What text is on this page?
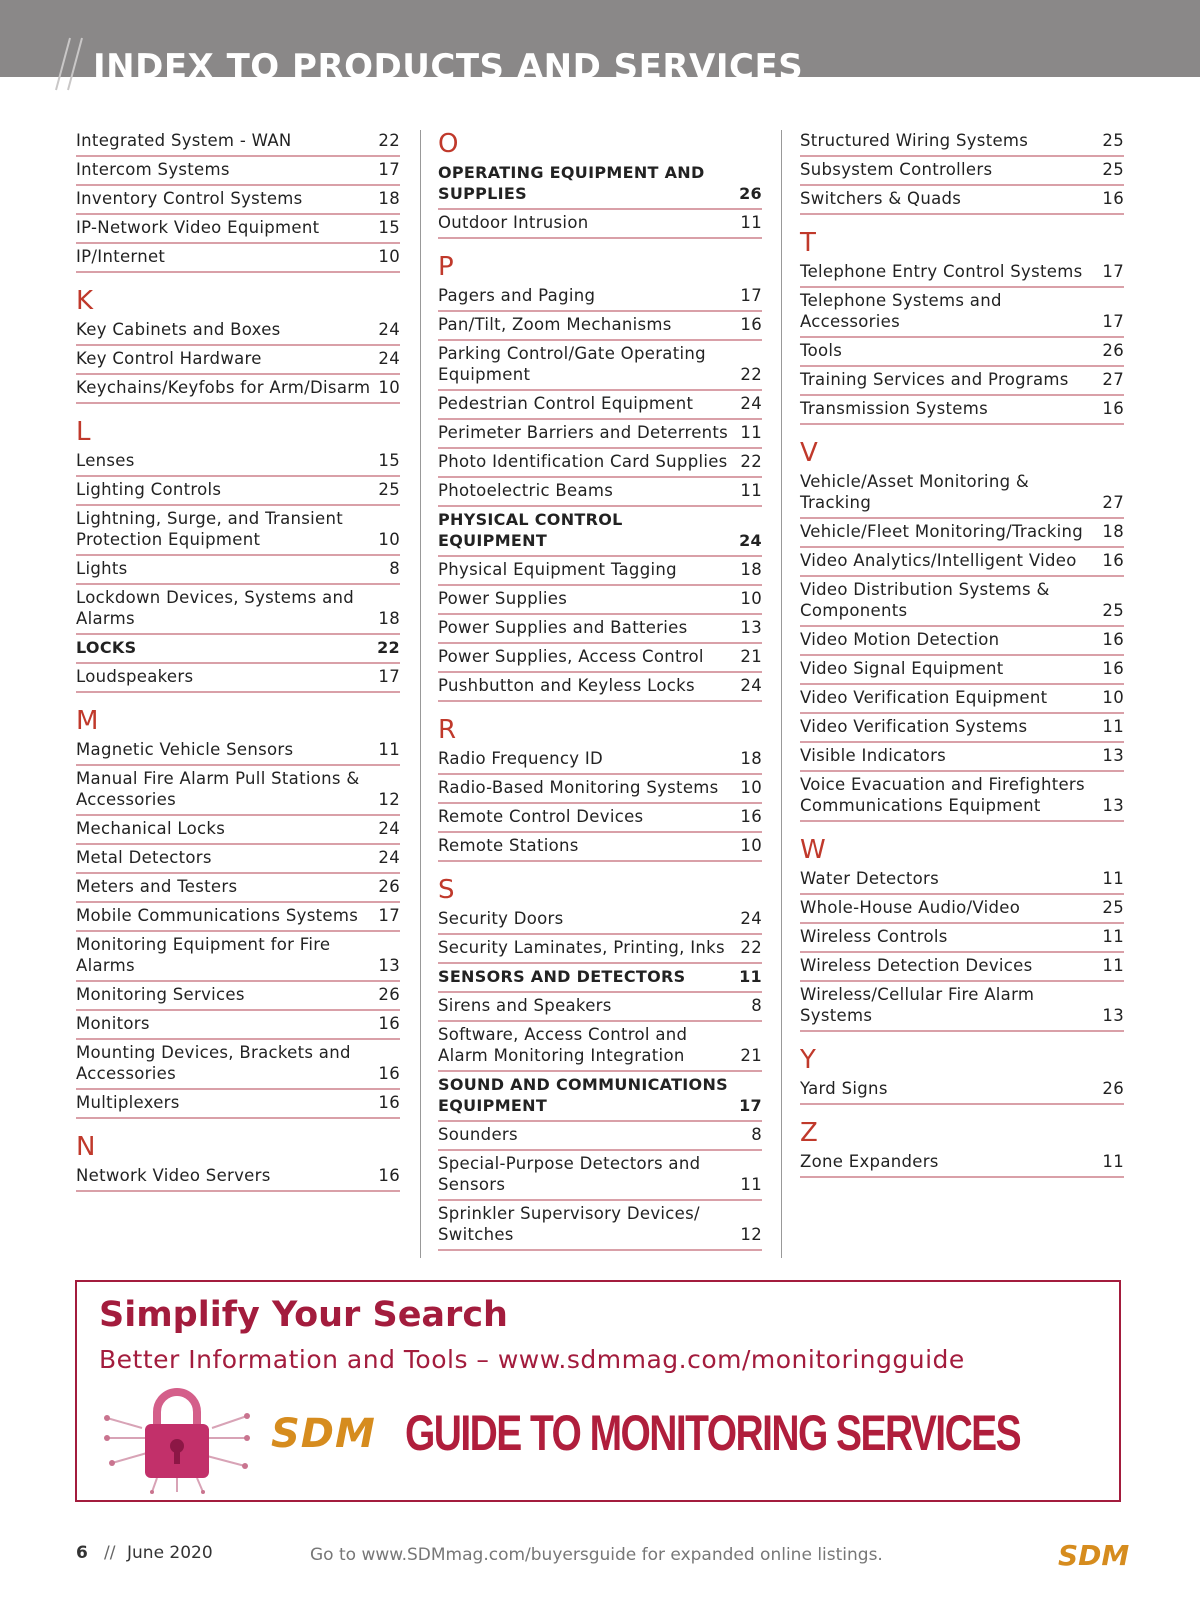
INDEX TO PRODUCTS AND SERVICES
Integrated System - WAN	22
Intercom Systems	17
Inventory Control Systems	18
IP-Network Video Equipment	15
IP/Internet	10
K
Key Cabinets and Boxes	24
Key Control Hardware	24
Keychains/Keyfobs for Arm/Disarm 10
L
Lenses	15
Lighting Controls	25
Lightning, Surge, and Transient Protection Equipment	10
Lights	8
Lockdown Devices, Systems and Alarms	18
LOCKS	22
Loudspeakers	17
M
Magnetic Vehicle Sensors	11
Manual Fire Alarm Pull Stations & Accessories	12
Mechanical Locks	24
Metal Detectors	24
Meters and Testers	26
Mobile Communications Systems	17
Monitoring Equipment for Fire Alarms	13
Monitoring Services	26
Monitors	16
Mounting Devices, Brackets and Accessories	16
Multiplexers	16
N
Network Video Servers	16
O
OPERATING EQUIPMENT AND SUPPLIES	26
Outdoor Intrusion	11
P
Pagers and Paging	17
Pan/Tilt, Zoom Mechanisms	16
Parking Control/Gate Operating Equipment	22
Pedestrian Control Equipment	24
Perimeter Barriers and Deterrents 11
Photo Identification Card Supplies 22
Photoelectric Beams	11
PHYSICAL CONTROL EQUIPMENT	24
Physical Equipment Tagging	18
Power Supplies	10
Power Supplies and Batteries	13
Power Supplies, Access Control	21
Pushbutton and Keyless Locks	24
R
Radio Frequency ID	18
Radio-Based Monitoring Systems	10
Remote Control Devices	16
Remote Stations	10
S
Security Doors	24
Security Laminates, Printing, Inks 22
SENSORS AND DETECTORS	11
Sirens and Speakers	8
Software, Access Control and Alarm Monitoring Integration	21
SOUND AND COMMUNICATIONS EQUIPMENT	17
Sounders	8
Special-Purpose Detectors and Sensors	11
Sprinkler Supervisory Devices/ Switches	12
Structured Wiring Systems	25
Subsystem Controllers	25
Switchers & Quads	16
T
Telephone Entry Control Systems	17
Telephone Systems and Accessories	17
Tools	26
Training Services and Programs	27
Transmission Systems	16
V
Vehicle/Asset Monitoring & Tracking	27
Vehicle/Fleet Monitoring/Tracking	18
Video Analytics/Intelligent Video	16
Video Distribution Systems & Components	25
Video Motion Detection	16
Video Signal Equipment	16
Video Verification Equipment	10
Video Verification Systems	11
Visible Indicators	13
Voice Evacuation and Firefighters Communications Equipment	13
W
Water Detectors	11
Whole-House Audio/Video	25
Wireless Controls	11
Wireless Detection Devices	11
Wireless/Cellular Fire Alarm Systems	13
Y
Yard Signs	26
Z
Zone Expanders	11
Simplify Your Search
Better Information and Tools – www.sdmmag.com/monitoringguide
SDM GUIDE TO MONITORING SERVICES
6 // June 2020	Go to www.SDMmag.com/buyersguide for expanded online listings.	SDM
